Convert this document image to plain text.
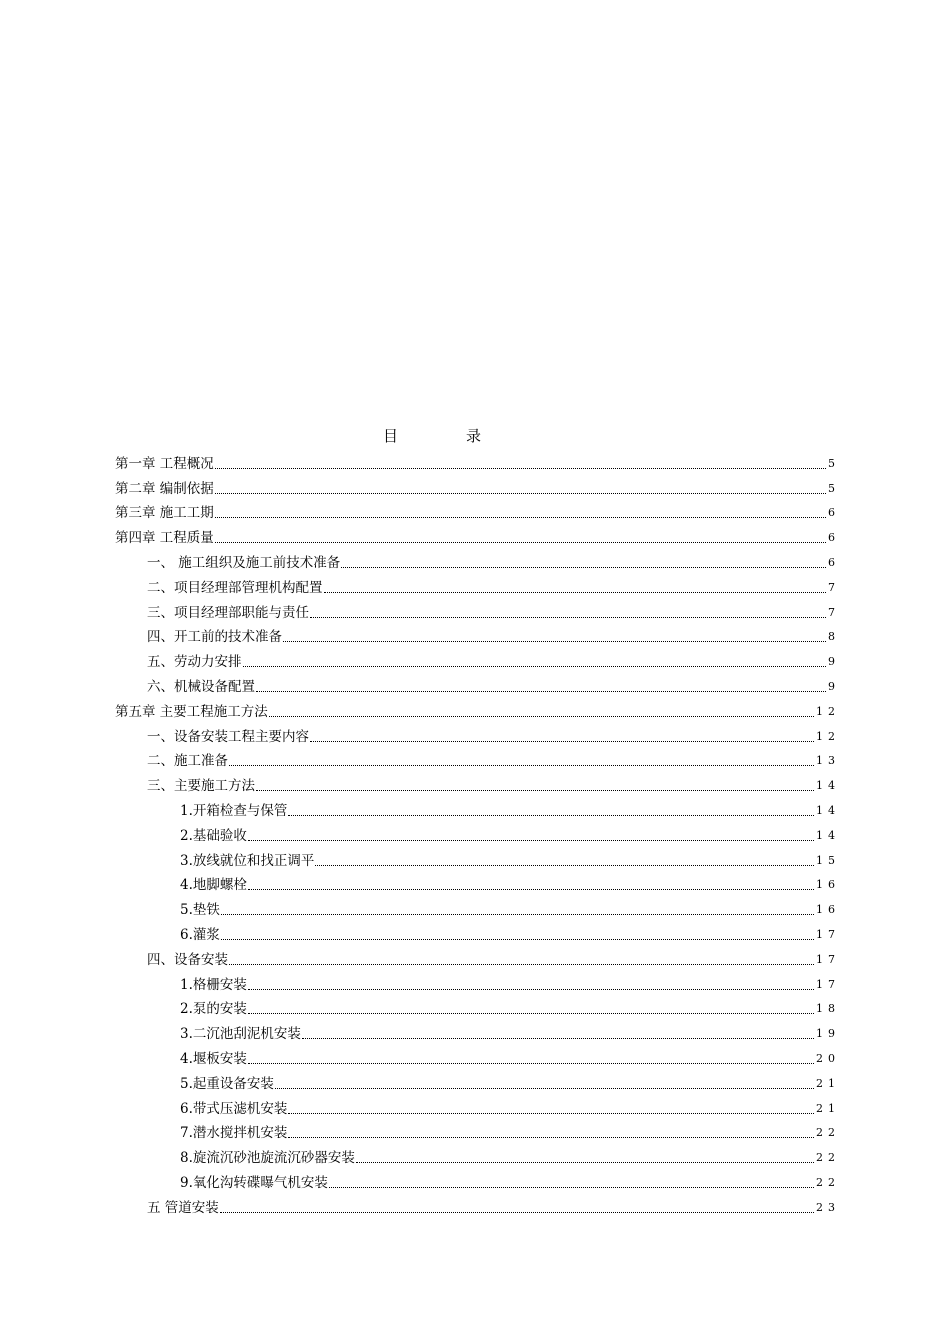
目	录
第一章 工程概况	5
第二章 编制依据	5
第三章 施工工期	6
第四章 工程质量	6
一、 施工组织及施工前技术准备	6
二、项目经理部管理机构配置	7
三、项目经理部职能与责任	7
四、开工前的技术准备	8
五、劳动力安排	9
六、机械设备配置	9
第五章 主要工程施工方法	12
一、设备安装工程主要内容	12
二、施工准备	13
三、主要施工方法	14
1.开箱检查与保管	14
2.基础验收	14
3.放线就位和找正调平	15
4.地脚螺栓	16
5.垫铁	16
6.灌浆	17
四、设备安装	17
1.格栅安装	17
2.泵的安装	18
3.二沉池刮泥机安装	19
4.堰板安装	20
5.起重设备安装	21
6.带式压滤机安装	21
7.潜水搅拌机安装	22
8.旋流沉砂池旋流沉砂器安装	22
9.氧化沟转碟曝气机安装	22
五 管道安装	23
